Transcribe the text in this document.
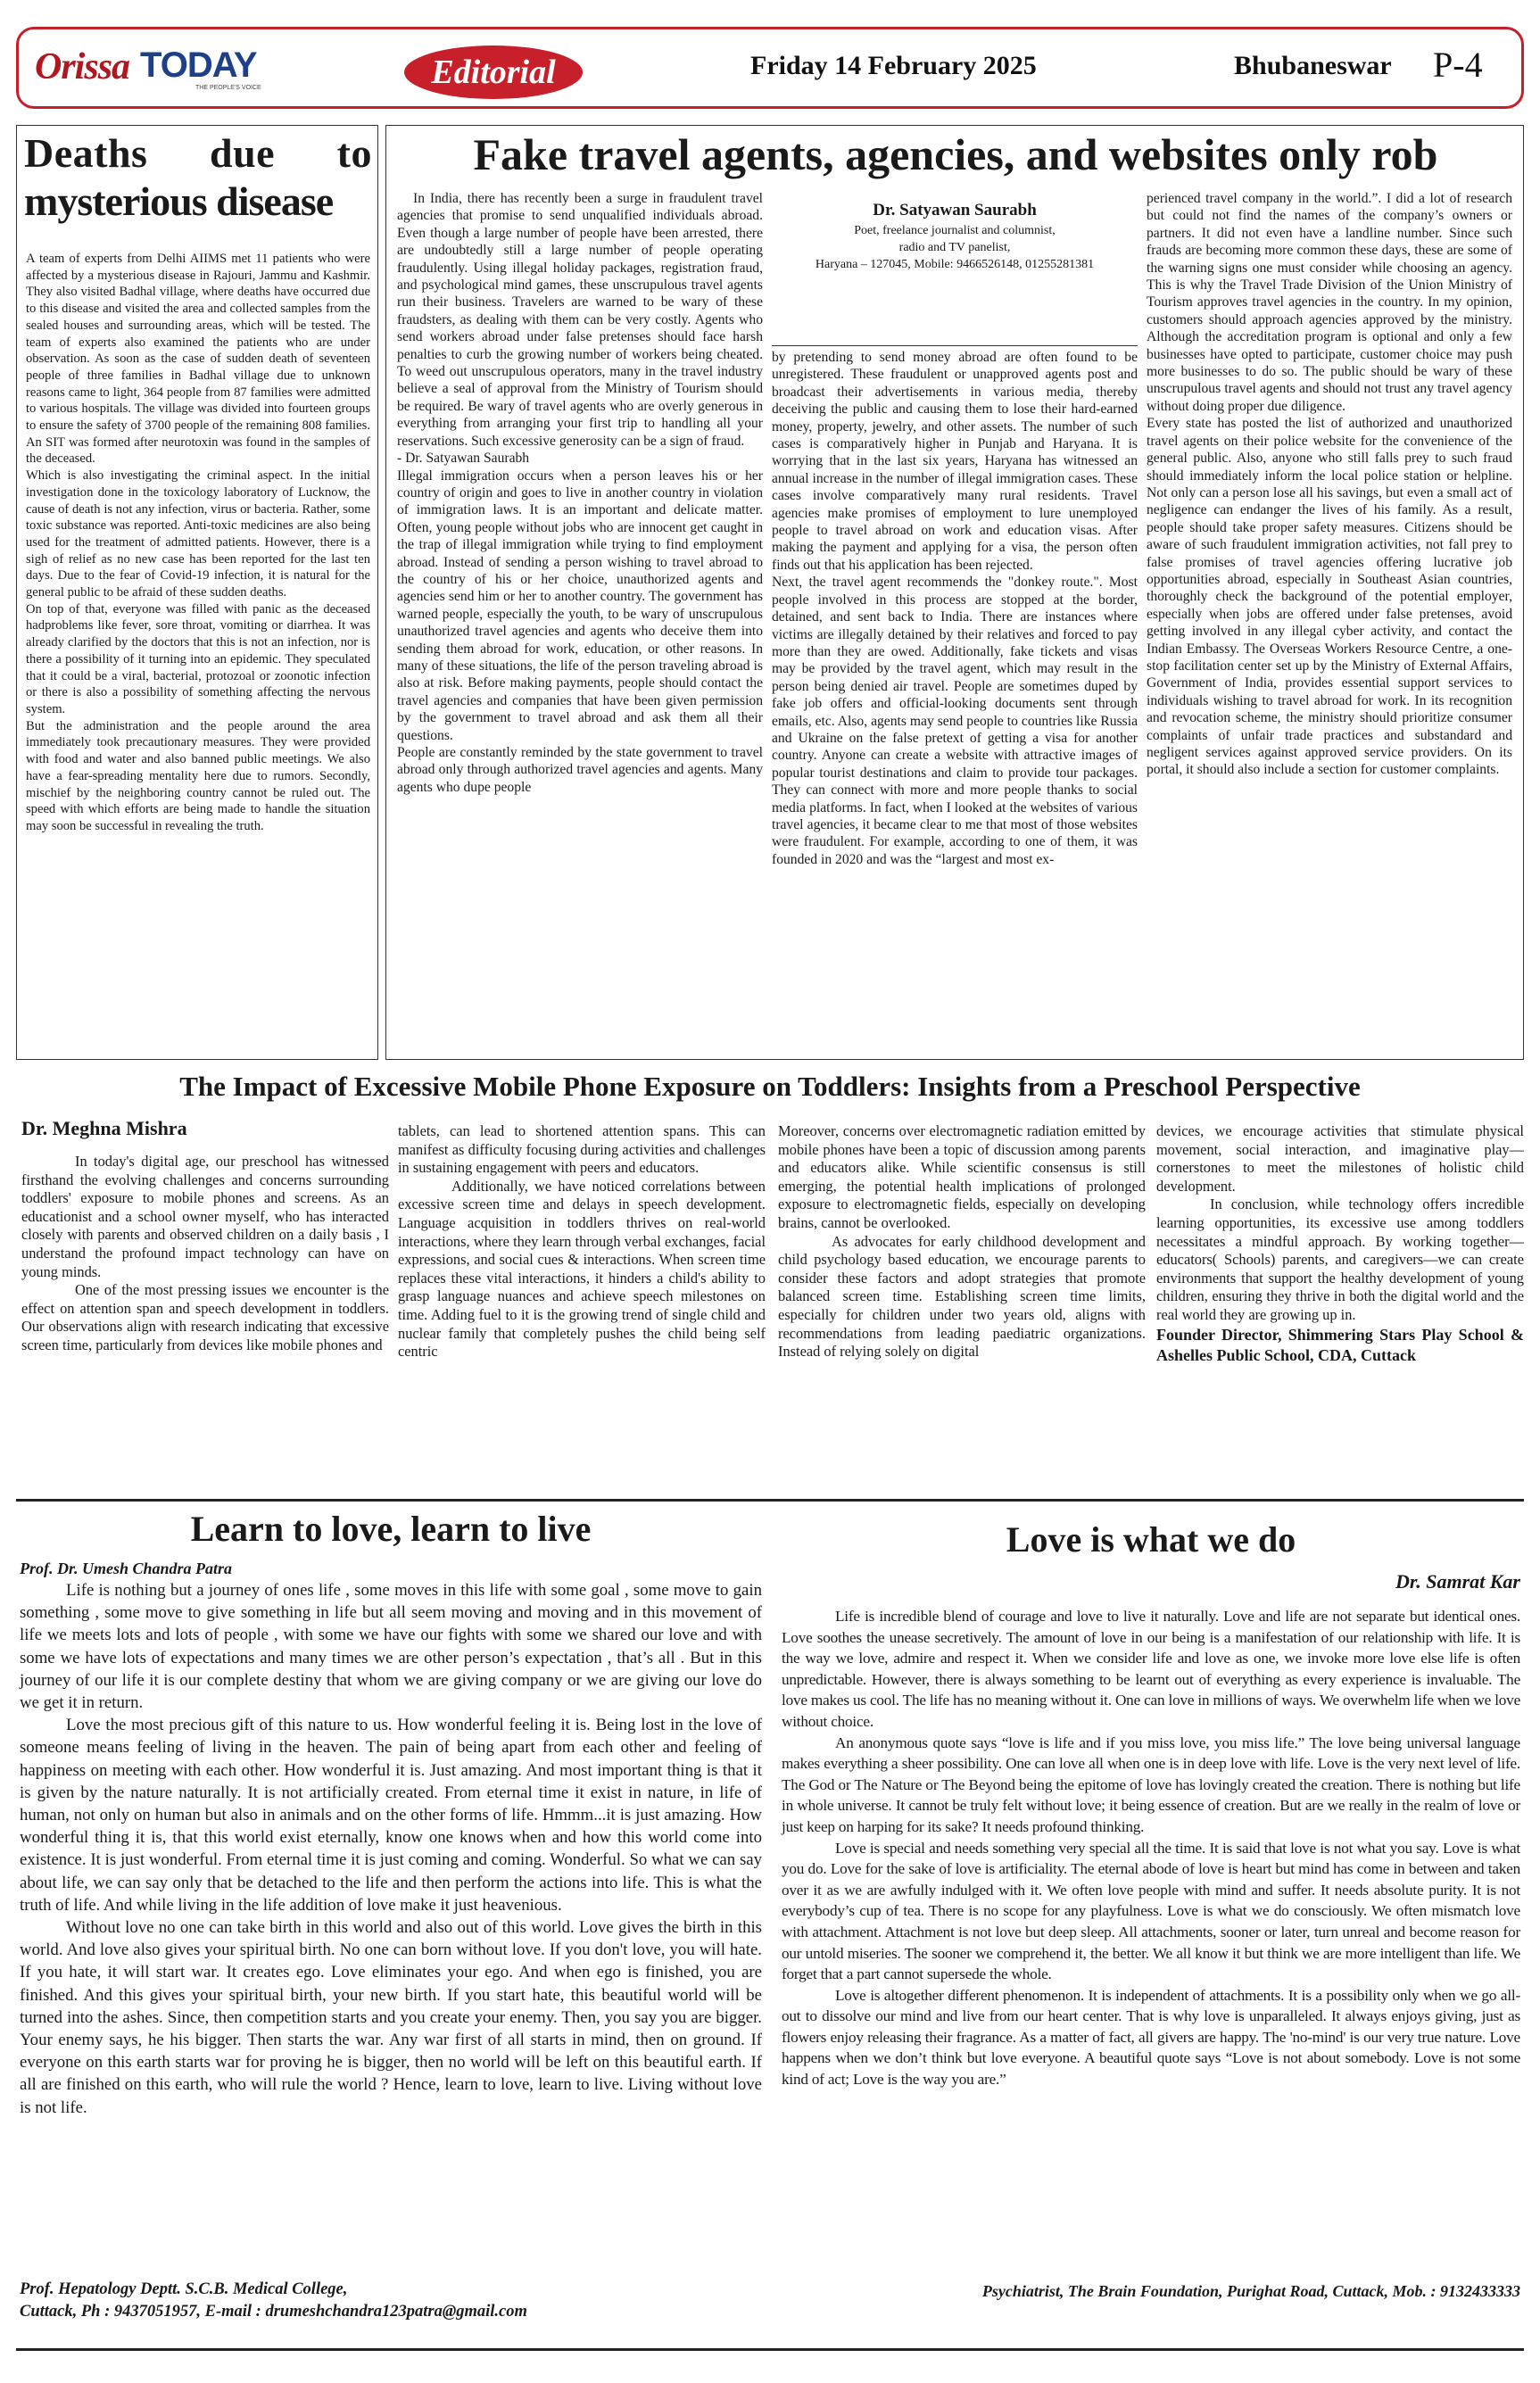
Orissa TODAY
THE PEOPLE'S VOICE	Editorial	Friday 14 February 2025	Bhubaneswar P-4
Deaths due to
mysterious disease

A team of experts from Delhi AIIMS met 11 patients who were affected by a mysterious disease in Rajouri, Jammu and Kashmir. They also visited Badhal village, where deaths have occurred due to this disease and visited the area and collected samples from the sealed houses and surrounding areas, which will be tested. The team of experts also examined the patients who are under observation. As soon as the case of sudden death of seventeen people of three families in Badhal village due to unknown reasons came to light, 364 people from 87 families were admitted to various hospitals. The village was divided into fourteen groups to ensure the safety of 3700 people of the remaining 808 families. An SIT was formed after neurotoxin was found in the samples of the deceased.

Which is also investigating the criminal aspect. In the initial investigation done in the toxicology laboratory of Lucknow, the cause of death is not any infection, virus or bacteria. Rather, some toxic substance was reported. Anti-toxic medicines are also being used for the treatment of admitted patients. However, there is a sigh of relief as no new case has been reported for the last ten days. Due to the fear of Covid-19 infection, it is natural for the general public to be afraid of these sudden deaths.

On top of that, everyone was filled with panic as the deceased hadproblems like fever, sore throat, vomiting or diarrhea. It was already clarified by the doctors that this is not an infection, nor is there a possibility of it turning into an epidemic. They speculated that it could be a viral, bacterial, protozoal or zoonotic infection or there is also a possibility of something affecting the nervous system.

But the administration and the people around the area immediately took precautionary measures. They were provided with food and water and also banned public meetings. We also have a fear-spreading mentality here due to rumors. Secondly, mischief by the neighboring country cannot be ruled out. The speed with which efforts are being made to handle the situation may soon be successful in revealing the truth.

Fake travel agents, agencies, and websites only rob

In India, there has recently been a surge in fraudulent travel agencies that promise to send unqualified individuals abroad. Even though a large number of people have been arrested, there are undoubtedly still a large number of people operating fraudulently. Using illegal holiday packages, registration fraud, and psychological mind games, these unscrupulous travel agents run their business. Travelers are warned to be wary of these fraudsters, as dealing with them can be very costly. Agents who send workers abroad under false pretenses should face harsh penalties to curb the growing number of workers being cheated. To weed out unscrupulous operators, many in the travel industry believe a seal of approval from the Ministry of Tourism should be required. Be wary of travel agents who are overly generous in everything from arranging your first trip to handling all your reservations. Such excessive generosity can be a sign of fraud.

- Dr. Satyawan Saurabh

Illegal immigration occurs when a person leaves his or her country of origin and goes to live in another country in violation of immigration laws. It is an important and delicate matter. Often, young people without jobs who are innocent get caught in the trap of illegal immigration while trying to find employment abroad. Instead of sending a person wishing to travel abroad to the country of his or her choice, unauthorized agents and agencies send him or her to another country. The government has warned people, especially the youth, to be wary of unscrupulous unauthorized travel agencies and agents who deceive them into sending them abroad for work, education, or other reasons. In many of these situations, the life of the person traveling abroad is also at risk. Before making payments, people should contact the travel agencies and companies that have been given permission by the government to travel abroad and ask them all their questions.

People are constantly reminded by the state government to travel abroad only through authorized travel agencies and agents. Many agents who dupe people

Dr. Satyawan Saurabh
Poet, freelance journalist and columnist,
radio and TV panelist,
Haryana – 127045, Mobile: 9466526148, 01255281381

by pretending to send money abroad are often found to be unregistered. These fraudulent or unapproved agents post and broadcast their advertisements in various media, thereby deceiving the public and causing them to lose their hard-earned money, property, jewelry, and other assets. The number of such cases is comparatively higher in Punjab and Haryana. It is worrying that in the last six years, Haryana has witnessed an annual increase in the number of illegal immigration cases. These cases involve comparatively many rural residents. Travel agencies make promises of employment to lure unemployed people to travel abroad on work and education visas. After making the payment and applying for a visa, the person often finds out that his application has been rejected.

Next, the travel agent recommends the "donkey route.". Most people involved in this process are stopped at the border, detained, and sent back to India. There are instances where victims are illegally detained by their relatives and forced to pay more than they are owed. Additionally, fake tickets and visas may be provided by the travel agent, which may result in the person being denied air travel. People are sometimes duped by fake job offers and official-looking documents sent through emails, etc. Also, agents may send people to countries like Russia and Ukraine on the false pretext of getting a visa for another country. Anyone can create a website with attractive images of popular tourist destinations and claim to provide tour packages. They can connect with more and more people thanks to social media platforms. In fact, when I looked at the websites of various travel agencies, it became clear to me that most of those websites were fraudulent. For example, according to one of them, it was founded in 2020 and was the “largest and most ex-

perienced travel company in the world.”. I did a lot of research but could not find the names of the company’s owners or partners. It did not even have a landline number. Since such frauds are becoming more common these days, these are some of the warning signs one must consider while choosing an agency. This is why the Travel Trade Division of the Union Ministry of Tourism approves travel agencies in the country. In my opinion, customers should approach agencies approved by the ministry. Although the accreditation program is optional and only a few businesses have opted to participate, customer choice may push more businesses to do so. The public should be wary of these unscrupulous travel agents and should not trust any travel agency without doing proper due diligence.

Every state has posted the list of authorized and unauthorized travel agents on their police website for the convenience of the general public. Also, anyone who still falls prey to such fraud should immediately inform the local police station or helpline. Not only can a person lose all his savings, but even a small act of negligence can endanger the lives of his family. As a result, people should take proper safety measures. Citizens should be aware of such fraudulent immigration activities, not fall prey to false promises of travel agencies offering lucrative job opportunities abroad, especially in Southeast Asian countries, thoroughly check the background of the potential employer, especially when jobs are offered under false pretenses, avoid getting involved in any illegal cyber activity, and contact the Indian Embassy. The Overseas Workers Resource Centre, a one-stop facilitation center set up by the Ministry of External Affairs, Government of India, provides essential support services to individuals wishing to travel abroad for work. In its recognition and revocation scheme, the ministry should prioritize consumer complaints of unfair trade practices and substandard and negligent services against approved service providers. On its portal, it should also include a section for customer complaints.

The Impact of Excessive Mobile Phone Exposure on Toddlers: Insights from a Preschool Perspective
Dr. Meghna Mishra

In today's digital age, our preschool has witnessed firsthand the evolving challenges and concerns surrounding toddlers' exposure to mobile phones and screens. As an educationist and a school owner myself, who has interacted closely with parents and observed children on a daily basis , I understand the profound impact technology can have on young minds.

One of the most pressing issues we encounter is the effect on attention span and speech development in toddlers. Our observations align with research indicating that excessive screen time, particularly from devices like mobile phones and

tablets, can lead to shortened attention spans. This can manifest as difficulty focusing during activities and challenges in sustaining engagement with peers and educators.

Additionally, we have noticed correlations between excessive screen time and delays in speech development. Language acquisition in toddlers thrives on real-world interactions, where they learn through verbal exchanges, facial expressions, and social cues & interactions. When screen time replaces these vital interactions, it hinders a child's ability to grasp language nuances and achieve speech milestones on time. Adding fuel to it is the growing trend of single child and nuclear family that completely pushes the child being self centric

Moreover, concerns over electromagnetic radiation emitted by mobile phones have been a topic of discussion among parents and educators alike. While scientific consensus is still emerging, the potential health implications of prolonged exposure to electromagnetic fields, especially on developing brains, cannot be overlooked.

As advocates for early childhood development and child psychology based education, we encourage parents to consider these factors and adopt strategies that promote balanced screen time. Establishing screen time limits, especially for children under two years old, aligns with recommendations from leading paediatric organizations. Instead of relying solely on digital

devices, we encourage activities that stimulate physical movement, social interaction, and imaginative play—cornerstones to meet the milestones of holistic child development.

In conclusion, while technology offers incredible learning opportunities, its excessive use among toddlers necessitates a mindful approach. By working together—educators( Schools) parents, and caregivers—we can create environments that support the healthy development of young children, ensuring they thrive in both the digital world and the real world they are growing up in.

Founder Director, Shimmering Stars Play School & Ashelles Public School, CDA, Cuttack

Learn to love, learn to live
Prof. Dr. Umesh Chandra Patra

Life is nothing but a journey of ones life , some moves in this life with some goal , some move to gain something , some move to give something in life but all seem moving and moving and in this movement of life we meets lots and lots of people , with some we have our fights with some we shared our love and with some we have lots of expectations and many times we are other person’s expectation , that’s all . But in this journey of our life it is our complete destiny that whom we are giving company or we are giving our love do we get it in return.

Love the most precious gift of this nature to us. How wonderful feeling it is. Being lost in the love of someone means feeling of living in the heaven. The pain of being apart from each other and feeling of happiness on meeting with each other. How wonderful it is. Just amazing. And most important thing is that it is given by the nature naturally. It is not artificially created. From eternal time it exist in nature, in life of human, not only on human but also in animals and on the other forms of life. Hmmm...it is just amazing. How wonderful thing it is, that this world exist eternally, know one knows when and how this world come into existence. It is just wonderful. From eternal time it is just coming and coming. Wonderful. So what we can say about life, we can say only that be detached to the life and then perform the actions into life. This is what the truth of life. And while living in the life addition of love make it just heavenious.

Without love no one can take birth in this world and also out of this world. Love gives the birth in this world. And love also gives your spiritual birth. No one can born without love. If you don't love, you will hate. If you hate, it will start war. It creates ego. Love eliminates your ego. And when ego is finished, you are finished. And this gives your spiritual birth, your new birth. If you start hate, this beautiful world will be turned into the ashes. Since, then competition starts and you create your enemy. Then, you say you are bigger. Your enemy says, he his bigger. Then starts the war. Any war first of all starts in mind, then on ground. If everyone on this earth starts war for proving he is bigger, then no world will be left on this beautiful earth. If all are finished on this earth, who will rule the world ? Hence, learn to love, learn to live. Living without love is not life.

Prof. Hepatology Deptt. S.C.B. Medical College,
Cuttack, Ph : 9437051957, E-mail : drumeshchandra123patra@gmail.com
Love is what we do
Dr. Samrat Kar

Life is incredible blend of courage and love to live it naturally. Love and life are not separate but identical ones. Love soothes the unease secretively. The amount of love in our being is a manifestation of our relationship with life. It is the way we love, admire and respect it. When we consider life and love as one, we invoke more love else life is often unpredictable. However, there is always something to be learnt out of everything as every experience is invaluable. The love makes us cool. The life has no meaning without it. One can love in millions of ways. We overwhelm life when we love without choice.

An anonymous quote says “love is life and if you miss love, you miss life.” The love being universal language makes everything a sheer possibility. One can love all when one is in deep love with life. Love is the very next level of life. The God or The Nature or The Beyond being the epitome of love has lovingly created the creation. There is nothing but life in whole universe. It cannot be truly felt without love; it being essence of creation. But are we really in the realm of love or just keep on harping for its sake? It needs profound thinking.

Love is special and needs something very special all the time. It is said that love is not what you say. Love is what you do. Love for the sake of love is artificiality. The eternal abode of love is heart but mind has come in between and taken over it as we are awfully indulged with it. We often love people with mind and suffer. It needs absolute purity. It is not everybody’s cup of tea. There is no scope for any playfulness. Love is what we do consciously. We often mismatch love with attachment. Attachment is not love but deep sleep. All attachments, sooner or later, turn unreal and become reason for our untold miseries. The sooner we comprehend it, the better. We all know it but think we are more intelligent than life. We forget that a part cannot supersede the whole.

Love is altogether different phenomenon. It is independent of attachments. It is a possibility only when we go all-out to dissolve our mind and live from our heart center. That is why love is unparalleled. It always enjoys giving, just as flowers enjoy releasing their fragrance. As a matter of fact, all givers are happy. The 'no-mind' is our very true nature. Love happens when we don’t think but love everyone. A beautiful quote says “Love is not about somebody. Love is not some kind of act; Love is the way you are.”

Psychiatrist, The Brain Foundation, Purighat Road, Cuttack, Mob. : 9132433333
